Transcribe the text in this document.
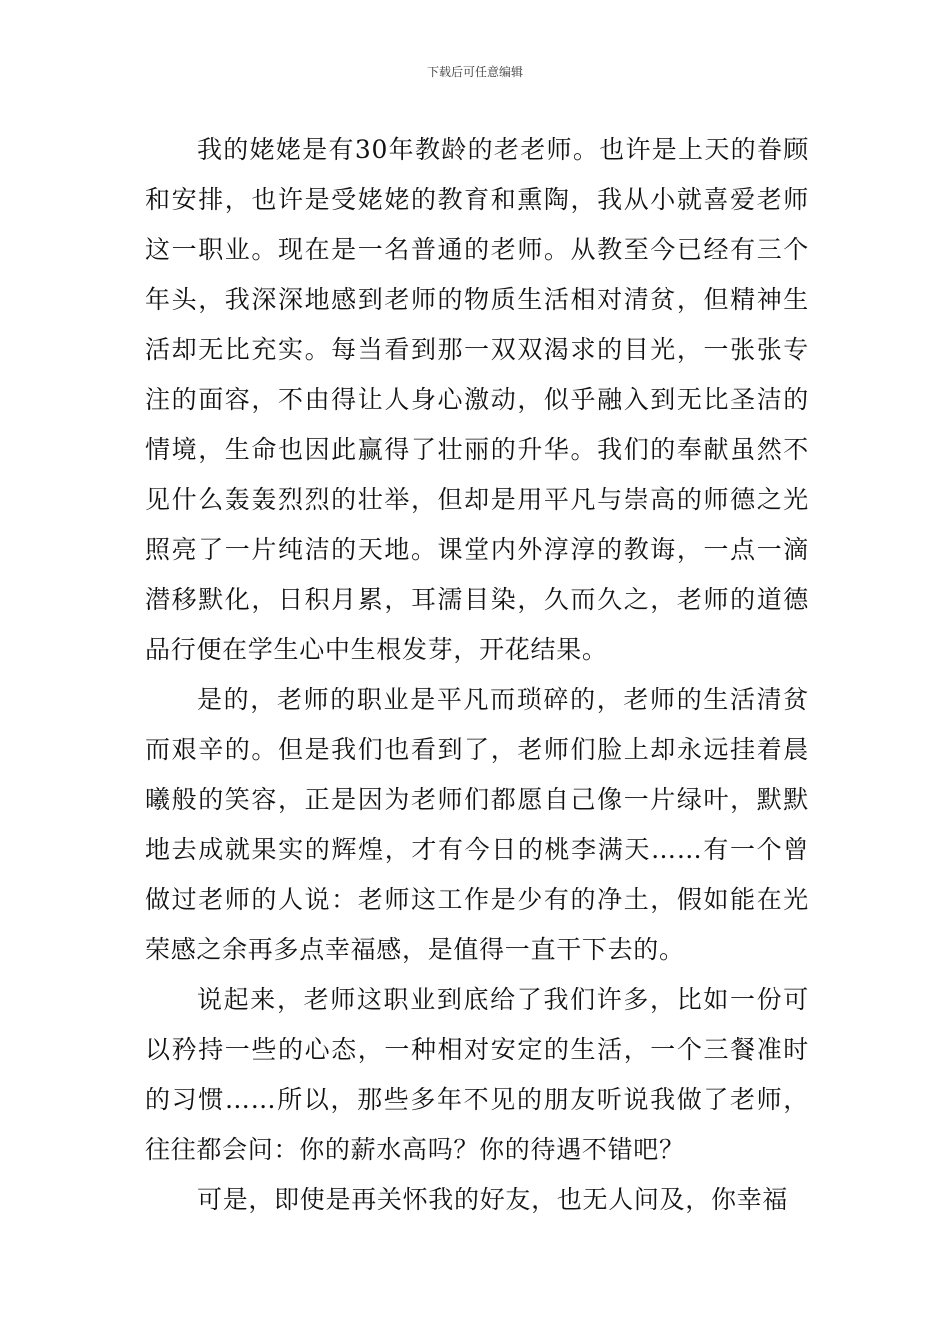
下载后可任意编辑

我的姥姥是有30年教龄的老老师。也许是上天的眷顾和安排，也许是受姥姥的教育和熏陶，我从小就喜爱老师这一职业。现在是一名普通的老师。从教至今已经有三个年头，我深深地感到老师的物质生活相对清贫，但精神生活却无比充实。每当看到那一双双渴求的目光，一张张专注的面容，不由得让人身心激动，似乎融入到无比圣洁的情境，生命也因此赢得了壮丽的升华。我们的奉献虽然不见什么轰轰烈烈的壮举，但却是用平凡与崇高的师德之光照亮了一片纯洁的天地。课堂内外淳淳的教诲，一点一滴潜移默化，日积月累，耳濡目染，久而久之，老师的道德品行便在学生心中生根发芽，开花结果。

是的，老师的职业是平凡而琐碎的，老师的生活清贫而艰辛的。但是我们也看到了，老师们脸上却永远挂着晨曦般的笑容，正是因为老师们都愿自己像一片绿叶，默默地去成就果实的辉煌，才有今日的桃李满天……有一个曾做过老师的人说：老师这工作是少有的净土，假如能在光荣感之余再多点幸福感，是值得一直干下去的。

说起来，老师这职业到底给了我们许多，比如一份可以矜持一些的心态，一种相对安定的生活，一个三餐准时的习惯……所以，那些多年不见的朋友听说我做了老师，往往都会问：你的薪水高吗？你的待遇不错吧？

可是，即使是再关怀我的好友，也无人问及，你幸福
